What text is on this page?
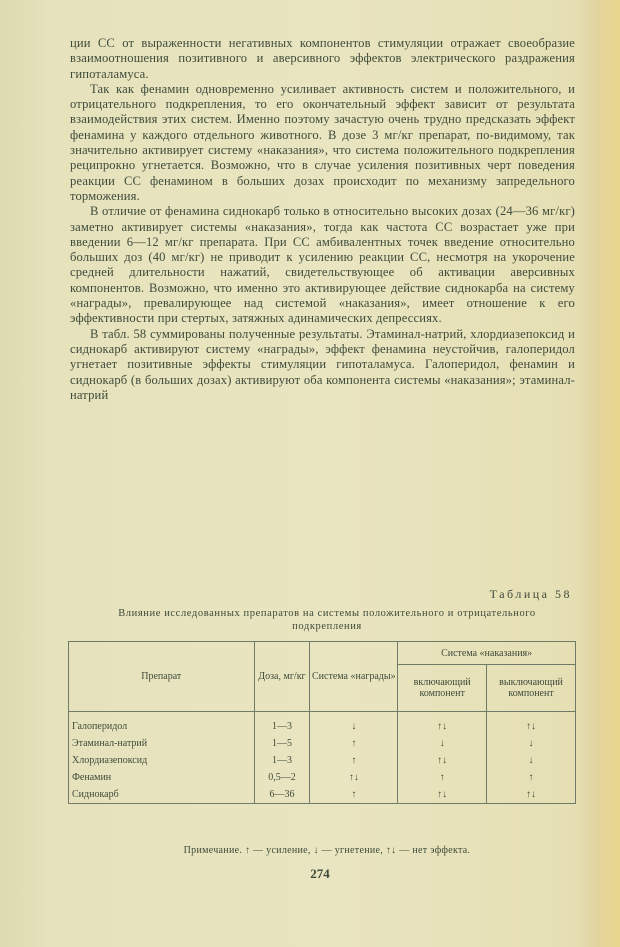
ции СС от выраженности негативных компонентов стимуляции отражает своеобразие взаимоотношения позитивного и аверсивного эффектов электрического раздражения гипоталамуса.

Так как фенамин одновременно усиливает активность систем и положительного, и отрицательного подкрепления, то его окончательный эффект зависит от результата взаимодействия этих систем. Именно поэтому зачастую очень трудно предсказать эффект фенамина у каждого отдельного животного. В дозе 3 мг/кг препарат, по-видимому, так значительно активирует систему «наказания», что система положительного подкрепления реципрокно угнетается. Возможно, что в случае усиления позитивных черт поведения реакции СС фенамином в больших дозах происходит по механизму запредельного торможения.

В отличие от фенамина сиднокарб только в относительно высоких дозах (24—36 мг/кг) заметно активирует системы «наказания», тогда как частота СС возрастает уже при введении 6—12 мг/кг препарата. При СС амбивалентных точек введение относительно больших доз (40 мг/кг) не приводит к усилению реакции СС, несмотря на укорочение средней длительности нажатий, свидетельствующее об активации аверсивных компонентов. Возможно, что именно это активирующее действие сиднокарба на систему «награды», превалирующее над системой «наказания», имеет отношение к его эффективности при стертых, затяжных адинамических депрессиях.

В табл. 58 суммированы полученные результаты. Этаминал-натрий, хлордиазепоксид и сиднокарб активируют систему «награды», эффект фенамина неустойчив, галоперидол угнетает позитивные эффекты стимуляции гипоталамуса. Галоперидол, фенамин и сиднокарб (в больших дозах) активируют оба компонента системы «наказания»; этаминал-натрий

Таблица 58
Влияние исследованных препаратов на системы положительного и отрицательного подкрепления
Препарат	Доза, мг/кг	Система «награды»	Система «наказания»	
			включающий компонент	выключающий компонент
Галоперидол	1—3	↓	↑↓	↑↓
Этаминал-натрий	1—5	↑	↓	↓
Хлордиазепоксид	1—3	↑	↑↓	↓
Фенамин	0,5—2	↑↓	↑	↑
Сиднокарб	6—36	↑	↑↓	↑↓
Примечание. ↑ — усиление, ↓ — угнетение, ↑↓ — нет эффекта.
274
